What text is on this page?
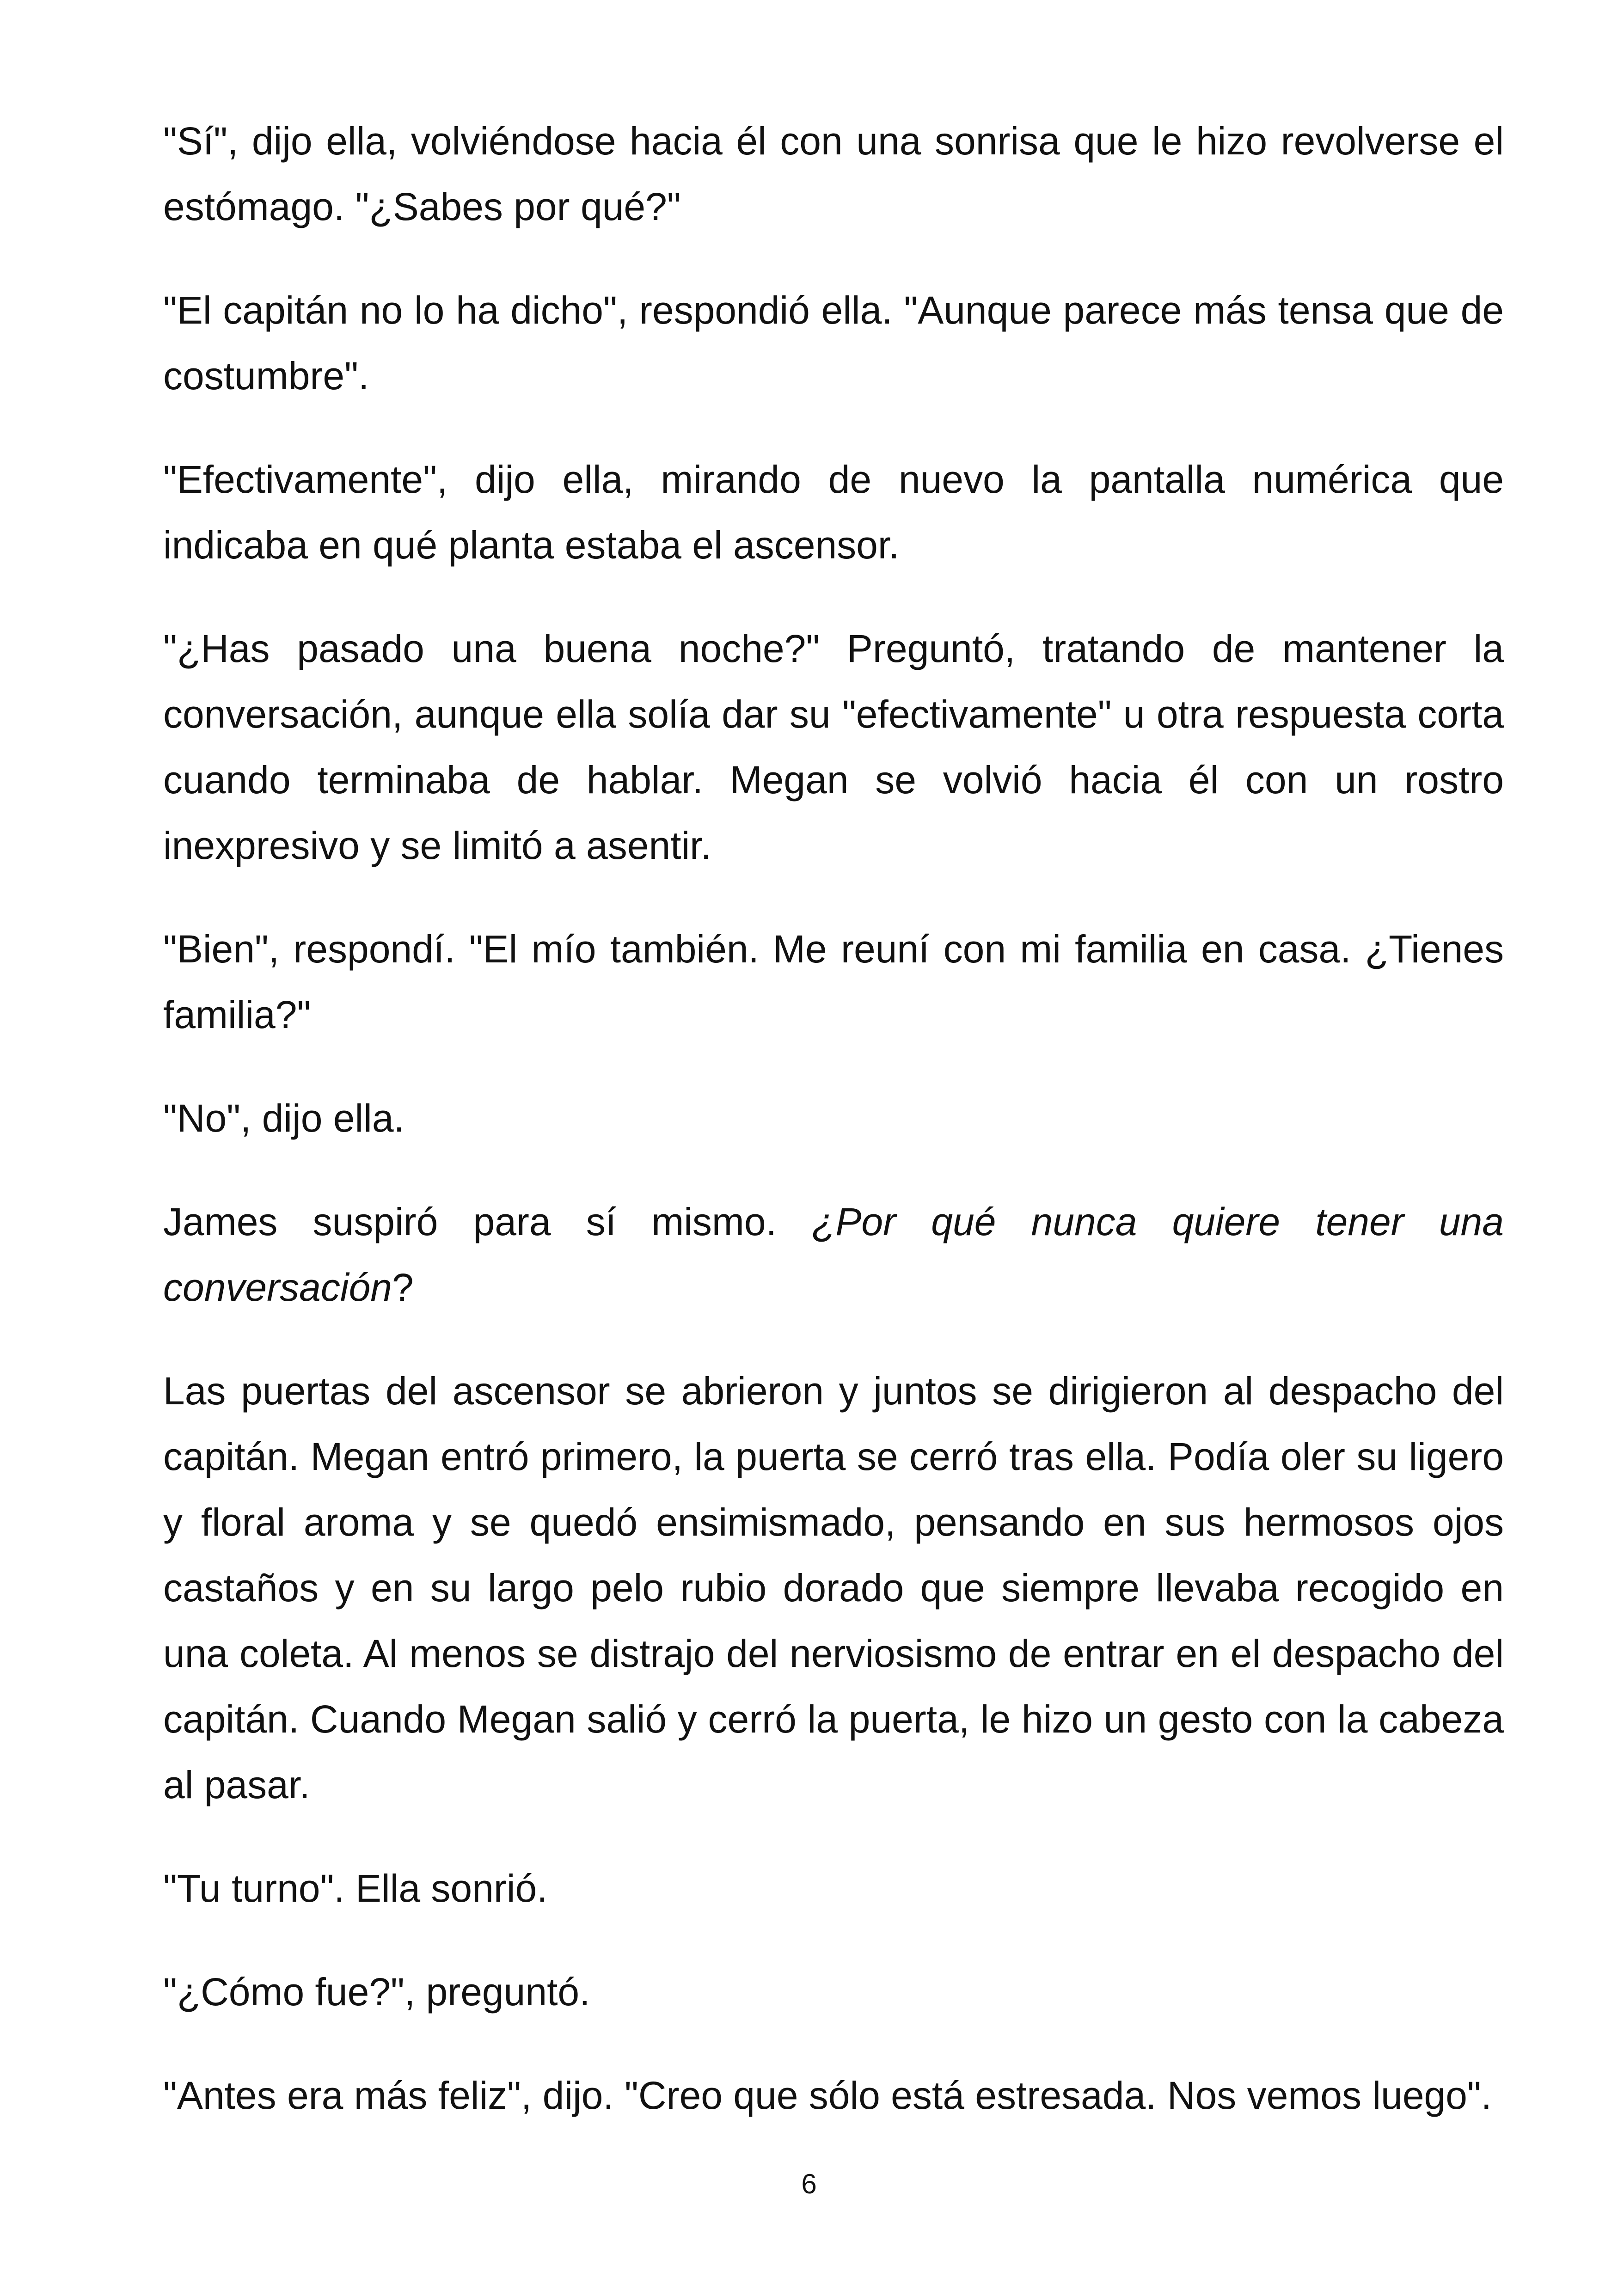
"Sí", dijo ella, volviéndose hacia él con una sonrisa que le hizo revolverse el estómago. "¿Sabes por qué?"

"El capitán no lo ha dicho", respondió ella. "Aunque parece más tensa que de costumbre".

"Efectivamente", dijo ella, mirando de nuevo la pantalla numérica que indicaba en qué planta estaba el ascensor.

"¿Has pasado una buena noche?" Preguntó, tratando de mantener la conversación, aunque ella solía dar su "efectivamente" u otra respuesta corta cuando terminaba de hablar. Megan se volvió hacia él con un rostro inexpresivo y se limitó a asentir.

"Bien", respondí. "El mío también. Me reuní con mi familia en casa. ¿Tienes familia?"

"No", dijo ella.

James suspiró para sí mismo. ¿Por qué nunca quiere tener una conversación?

Las puertas del ascensor se abrieron y juntos se dirigieron al despacho del capitán. Megan entró primero, la puerta se cerró tras ella. Podía oler su ligero y floral aroma y se quedó ensimismado, pensando en sus hermosos ojos castaños y en su largo pelo rubio dorado que siempre llevaba recogido en una coleta. Al menos se distrajo del nerviosismo de entrar en el despacho del capitán. Cuando Megan salió y cerró la puerta, le hizo un gesto con la cabeza al pasar.

"Tu turno". Ella sonrió.

"¿Cómo fue?", preguntó.

"Antes era más feliz", dijo. "Creo que sólo está estresada. Nos vemos luego".

6
